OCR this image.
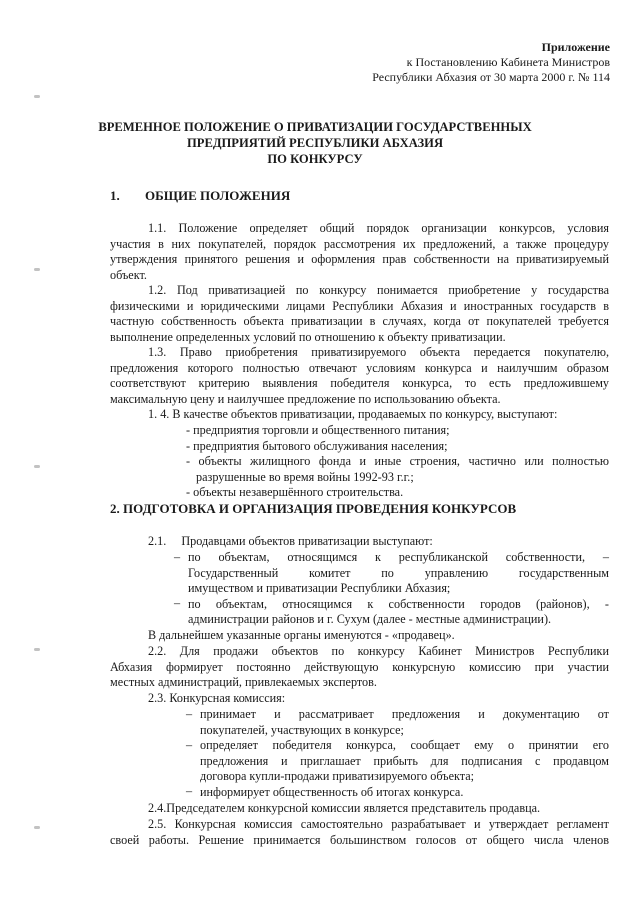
Приложение
к Постановлению Кабинета Министров
Республики Абхазия от 30 марта 2000 г. № 114
ВРЕМЕННОЕ ПОЛОЖЕНИЕ О ПРИВАТИЗАЦИИ ГОСУДАРСТВЕННЫХ
ПРЕДПРИЯТИЙ РЕСПУБЛИКИ АБХАЗИЯ
ПО КОНКУРСУ
1. ОБЩИЕ ПОЛОЖЕНИЯ
1.1. Положение определяет общий порядок организации конкурсов, условия
участия в них покупателей, порядок рассмотрения их предложений, а также процедуру
утверждения принятого решения и оформления прав собственности на приватизируемый
объект.
1.2. Под приватизацией по конкурсу понимается приобретение у государства
физическими и юридическими лицами Республики Абхазия и иностранных государств в
частную собственность объекта приватизации в случаях, когда от покупателей требуется
выполнение определенных условий по отношению к объекту приватизации.
1.3. Право приобретения приватизируемого объекта передается покупателю,
предложения которого полностью отвечают условиям конкурса и наилучшим образом
соответствуют критерию выявления победителя конкурса, то есть предложившему
максимальную цену и наилучшее предложение по использованию объекта.
1. 4. В качестве объектов приватизации, продаваемых по конкурсу, выступают:
- предприятия торговли и общественного питания;
- предприятия бытового обслуживания населения;
- объекты жилищного фонда и иные строения, частично или полностью
разрушенные во время войны 1992-93 г.г.;
- объекты незавершённого строительства.
2. ПОДГОТОВКА И ОРГАНИЗАЦИЯ ПРОВЕДЕНИЯ КОНКУРСОВ
2.1. Продавцами объектов приватизации выступают:
– по объектам, относящимся к республиканской собственности, –
Государственный комитет по управлению государственным
имуществом и приватизации Республики Абхазия;
– по объектам, относящимся к собственности городов (районов), -
администрации районов и г. Сухум (далее - местные администрации).
В дальнейшем указанные органы именуются - «продавец».
2.2. Для продажи объектов по конкурсу Кабинет Министров Республики
Абхазия формирует постоянно действующую конкурсную комиссию при участии
местных администраций, привлекаемых экспертов.
2.3. Конкурсная комиссия:
– принимает и рассматривает предложения и документацию от
покупателей, участвующих в конкурсе;
– определяет победителя конкурса, сообщает ему о принятии его
предложения и приглашает прибыть для подписания с продавцом
договора купли-продажи приватизируемого объекта;
– информирует общественность об итогах конкурса.
2.4.Председателем конкурсной комиссии является представитель продавца.
2.5. Конкурсная комиссия самостоятельно разрабатывает и утверждает регламент
своей работы. Решение принимается большинством голосов от общего числа членов
